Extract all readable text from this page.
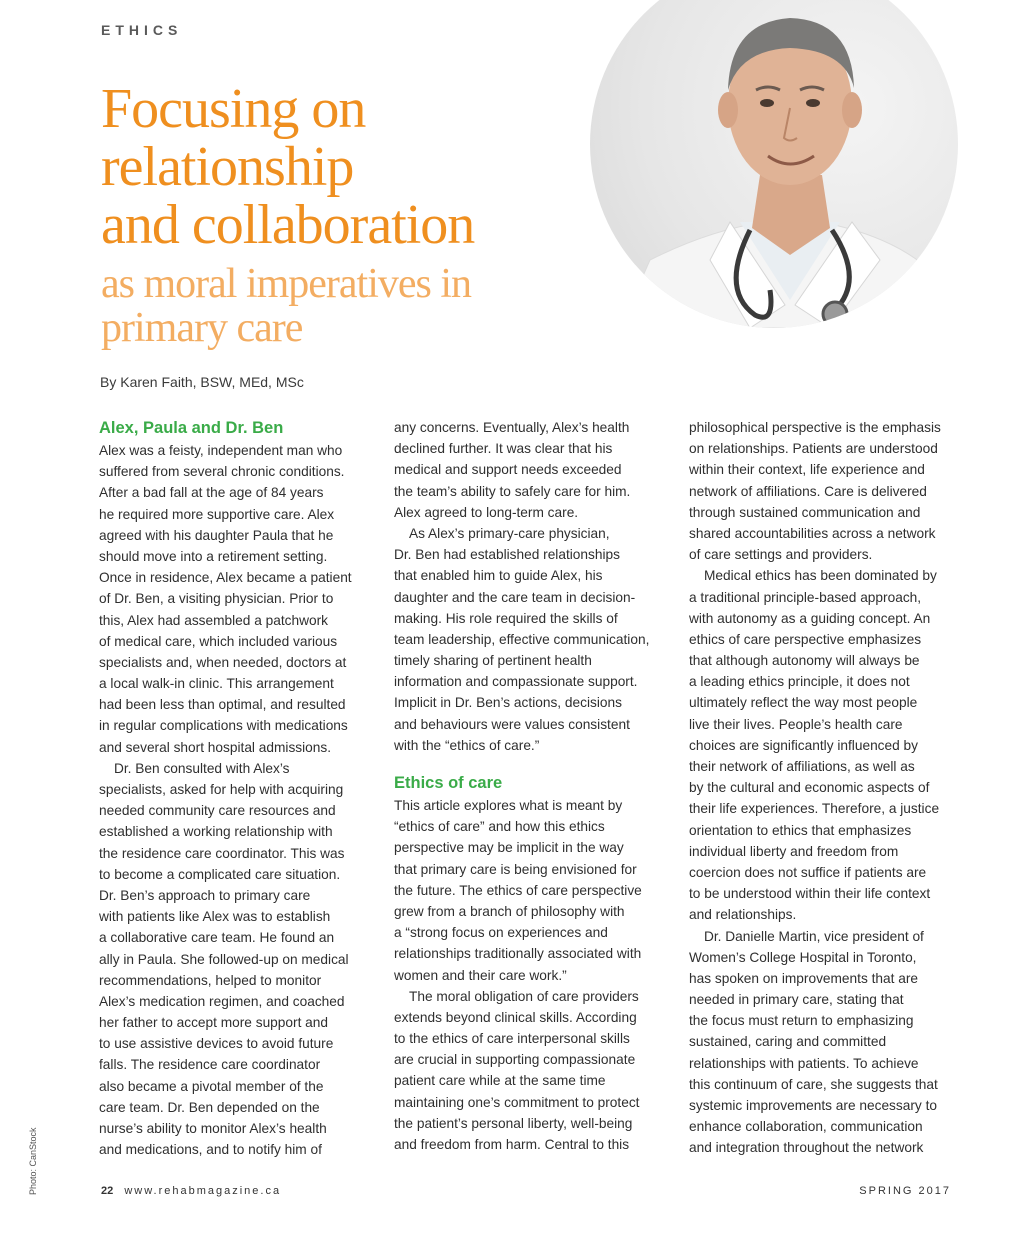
ETHICS
Focusing on
relationship
and collaboration
as moral imperatives in
primary care
By Karen Faith, BSW, MEd, MSc
Alex, Paula and Dr. Ben
Alex was a feisty, independent man who
suffered from several chronic conditions.
After a bad fall at the age of 84 years
he required more supportive care. Alex
agreed with his daughter Paula that he
should move into a retirement setting.
Once in residence, Alex became a patient
of Dr. Ben, a visiting physician. Prior to
this, Alex had assembled a patchwork
of medical care, which included various
specialists and, when needed, doctors at
a local walk-in clinic. This arrangement
had been less than optimal, and resulted
in regular complications with medications
and several short hospital admissions.
Dr. Ben consulted with Alex’s
specialists, asked for help with acquiring
needed community care resources and
established a working relationship with
the residence care coordinator. This was
to become a complicated care situation.
Dr. Ben’s approach to primary care
with patients like Alex was to establish
a collaborative care team. He found an
ally in Paula. She followed-up on medical
recommendations, helped to monitor
Alex’s medication regimen, and coached
her father to accept more support and
to use assistive devices to avoid future
falls. The residence care coordinator
also became a pivotal member of the
care team. Dr. Ben depended on the
nurse’s ability to monitor Alex’s health
and medications, and to notify him of
any concerns. Eventually, Alex’s health
declined further. It was clear that his
medical and support needs exceeded
the team’s ability to safely care for him.
Alex agreed to long-term care.
As Alex’s primary-care physician,
Dr. Ben had established relationships
that enabled him to guide Alex, his
daughter and the care team in decision-
making. His role required the skills of
team leadership, effective communication,
timely sharing of pertinent health
information and compassionate support.
Implicit in Dr. Ben’s actions, decisions
and behaviours were values consistent
with the “ethics of care.”
Ethics of care
This article explores what is meant by
“ethics of care” and how this ethics
perspective may be implicit in the way
that primary care is being envisioned for
the future. The ethics of care perspective
grew from a branch of philosophy with
a “strong focus on experiences and
relationships traditionally associated with
women and their care work.”
The moral obligation of care providers
extends beyond clinical skills. According
to the ethics of care interpersonal skills
are crucial in supporting compassionate
patient care while at the same time
maintaining one’s commitment to protect
the patient’s personal liberty, well-being
and freedom from harm. Central to this
philosophical perspective is the emphasis
on relationships. Patients are understood
within their context, life experience and
network of affiliations. Care is delivered
through sustained communication and
shared accountabilities across a network
of care settings and providers.
Medical ethics has been dominated by
a traditional principle-based approach,
with autonomy as a guiding concept. An
ethics of care perspective emphasizes
that although autonomy will always be
a leading ethics principle, it does not
ultimately reflect the way most people
live their lives. People’s health care
choices are significantly influenced by
their network of affiliations, as well as
by the cultural and economic aspects of
their life experiences. Therefore, a justice
orientation to ethics that emphasizes
individual liberty and freedom from
coercion does not suffice if patients are
to be understood within their life context
and relationships.
Dr. Danielle Martin, vice president of
Women’s College Hospital in Toronto,
has spoken on improvements that are
needed in primary care, stating that
the focus must return to emphasizing
sustained, caring and committed
relationships with patients. To achieve
this continuum of care, she suggests that
systemic improvements are necessary to
enhance collaboration, communication
and integration throughout the network
Photo: CanStock	22 www.rehabmagazine.ca	SPRING 2017
